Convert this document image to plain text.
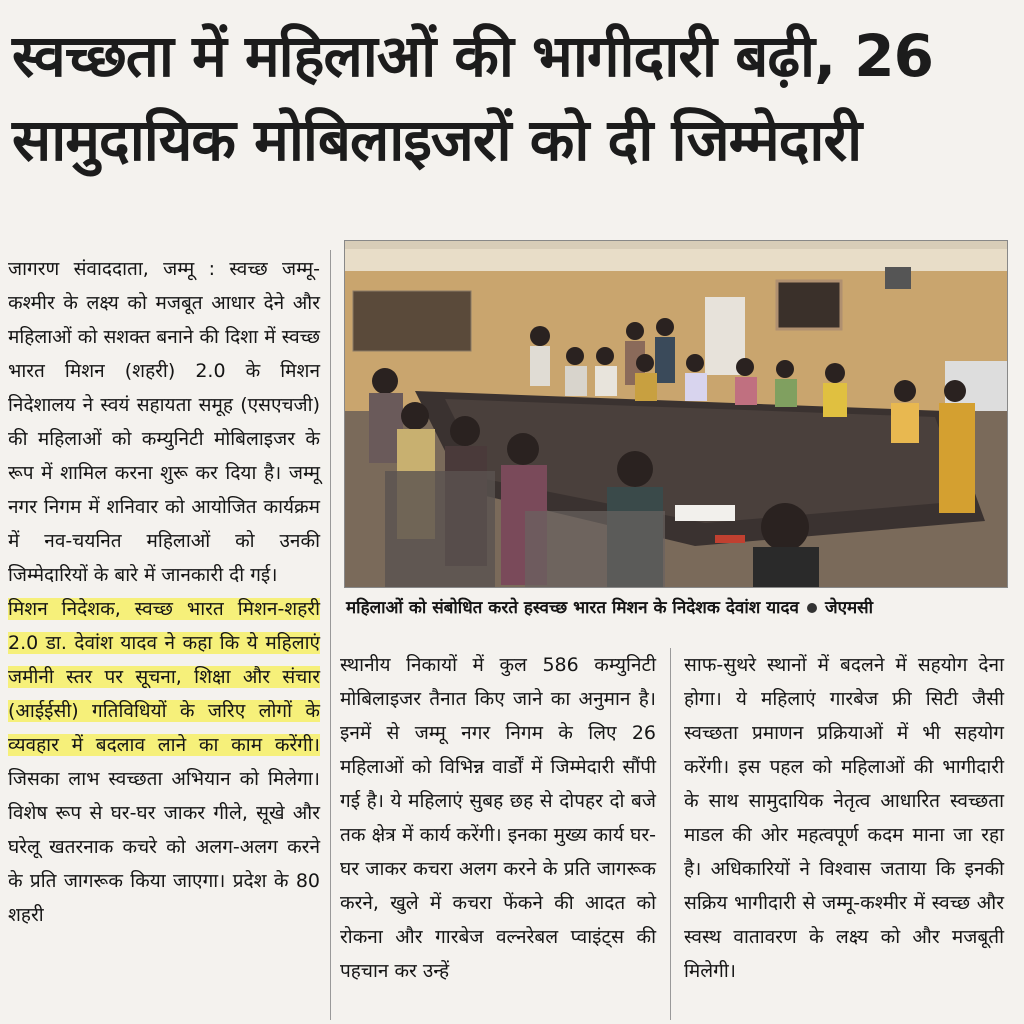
स्वच्छता में महिलाओं की भागीदारी बढ़ी, 26
सामुदायिक मोबिलाइजरों को दी जिम्मेदारी

जागरण संवाददाता, जम्मू : स्वच्छ जम्मू-कश्मीर के लक्ष्य को मजबूत आधार देने और महिलाओं को सशक्त बनाने की दिशा में स्वच्छ भारत मिशन (शहरी) 2.0 के मिशन निदेशालय ने स्वयं सहायता समूह (एसएचजी) की महिलाओं को कम्युनिटी मोबिलाइजर के रूप में शामिल करना शुरू कर दिया है। जम्मू नगर निगम में शनिवार को आयोजित कार्यक्रम में नव-चयनित महिलाओं को उनकी जिम्मेदारियों के बारे में जानकारी दी गई।

मिशन निदेशक, स्वच्छ भारत मिशन-शहरी 2.0 डा. देवांश यादव ने कहा कि ये महिलाएं जमीनी स्तर पर सूचना, शिक्षा और संचार (आईईसी) गतिविधियों के जरिए लोगों के व्यवहार में बदलाव लाने का काम करेंगी। जिसका लाभ स्वच्छता अभियान को मिलेगा। विशेष रूप से घर-घर जाकर गीले, सूखे और घरेलू खतरनाक कचरे को अलग-अलग करने के प्रति जागरूक किया जाएगा। प्रदेश के 80 शहरी

महिलाओं को संबोधित करते हस्वच्छ भारत मिशन के निदेशक देवांश यादव जेएमसी

स्थानीय निकायों में कुल 586 कम्युनिटी मोबिलाइजर तैनात किए जाने का अनुमान है। इनमें से जम्मू नगर निगम के लिए 26 महिलाओं को विभिन्न वार्डों में जिम्मेदारी सौंपी गई है। ये महिलाएं सुबह छह से दोपहर दो बजे तक क्षेत्र में कार्य करेंगी। इनका मुख्य कार्य घर-घर जाकर कचरा अलग करने के प्रति जागरूक करने, खुले में कचरा फेंकने की आदत को रोकना और गारबेज वल्नरेबल प्वाइंट्स की पहचान कर उन्हें

साफ-सुथरे स्थानों में बदलने में सहयोग देना होगा। ये महिलाएं गारबेज फ्री सिटी जैसी स्वच्छता प्रमाणन प्रक्रियाओं में भी सहयोग करेंगी। इस पहल को महिलाओं की भागीदारी के साथ सामुदायिक नेतृत्व आधारित स्वच्छता माडल की ओर महत्वपूर्ण कदम माना जा रहा है। अधिकारियों ने विश्वास जताया कि इनकी सक्रिय भागीदारी से जम्मू-कश्मीर में स्वच्छ और स्वस्थ वातावरण के लक्ष्य को और मजबूती मिलेगी।
